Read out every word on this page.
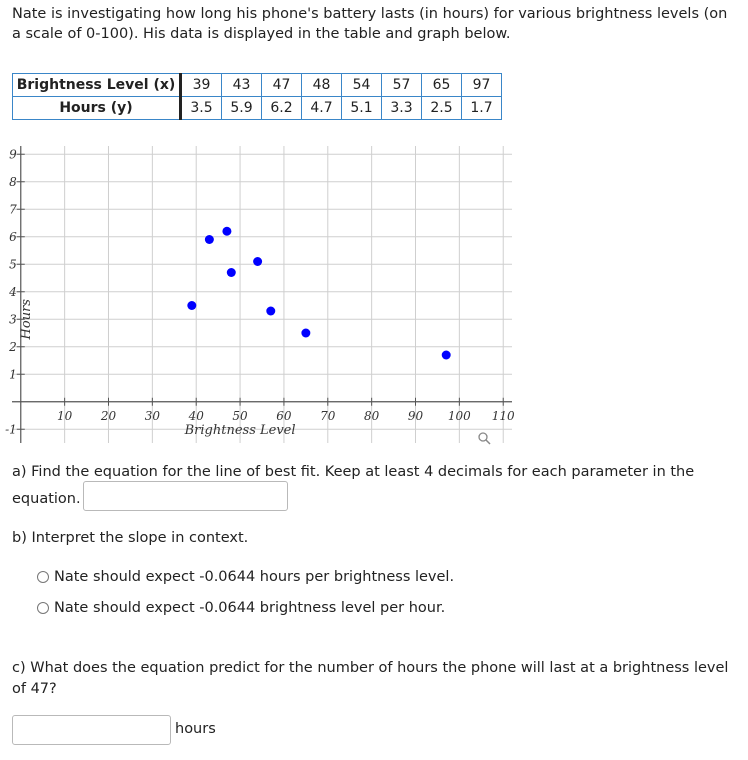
Nate is investigating how long his phone's battery lasts (in hours) for various brightness levels (on a scale of 0-100). His data is displayed in the table and graph below.
Brightness Level (x)	39	43	47	48	54	57	65	97
Hours (y)	3.5	5.9	6.2	4.7	5.1	3.3	2.5	1.7
10 20 30 40 50 60 70 80 90 100 110
-1
1
2
3
4
5
6
7
8
9
Brightness Level
Hours
a) Find the equation for the line of best fit. Keep at least 4 decimals for each parameter in the equation.
b) Interpret the slope in context.
Nate should expect -0.0644 hours per brightness level.
Nate should expect -0.0644 brightness level per hour.
c) What does the equation predict for the number of hours the phone will last at a brightness level of 47?
hours
